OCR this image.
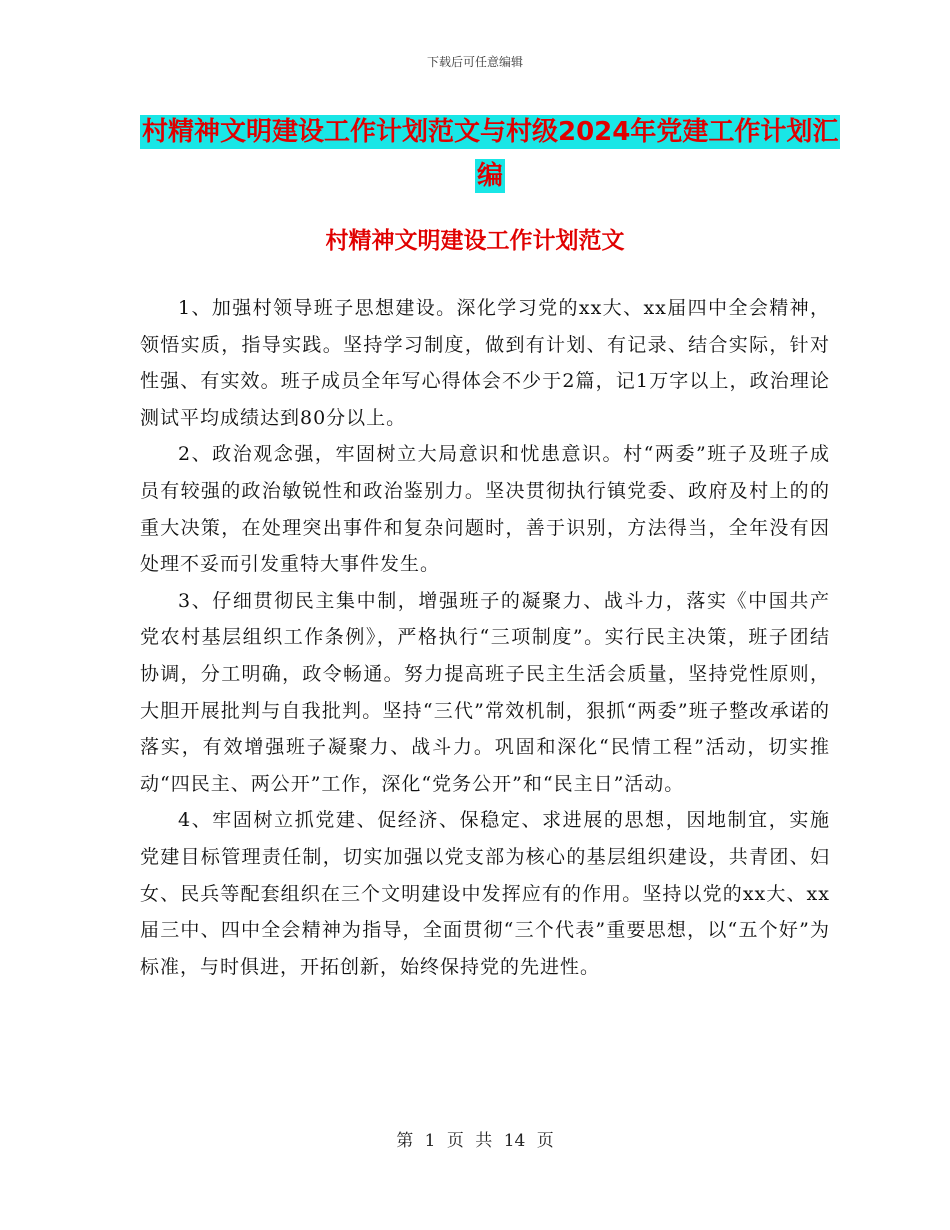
下载后可任意编辑
村精神文明建设工作计划范文与村级2024年党建工作计划汇编
村精神文明建设工作计划范文

1、加强村领导班子思想建设。深化学习党的xx大、xx届四中全会精神，领悟实质，指导实践。坚持学习制度，做到有计划、有记录、结合实际，针对性强、有实效。班子成员全年写心得体会不少于2篇，记1万字以上，政治理论测试平均成绩达到80分以上。

2、政治观念强，牢固树立大局意识和忧患意识。村“两委”班子及班子成员有较强的政治敏锐性和政治鉴别力。坚决贯彻执行镇党委、政府及村上的的重大决策，在处理突出事件和复杂问题时，善于识别，方法得当，全年没有因处理不妥而引发重特大事件发生。

3、仔细贯彻民主集中制，增强班子的凝聚力、战斗力，落实《中国共产党农村基层组织工作条例》，严格执行“三项制度”。实行民主决策，班子团结协调，分工明确，政令畅通。努力提高班子民主生活会质量，坚持党性原则，大胆开展批判与自我批判。坚持“三代”常效机制，狠抓“两委”班子整改承诺的落实，有效增强班子凝聚力、战斗力。巩固和深化“民情工程”活动，切实推动“四民主、两公开”工作，深化“党务公开”和“民主日”活动。

4、牢固树立抓党建、促经济、保稳定、求进展的思想，因地制宜，实施党建目标管理责任制，切实加强以党支部为核心的基层组织建设，共青团、妇女、民兵等配套组织在三个文明建设中发挥应有的作用。坚持以党的xx大、xx届三中、四中全会精神为指导，全面贯彻“三个代表”重要思想，以“五个好”为标准，与时俱进，开拓创新，始终保持党的先进性。

第 1 页 共 14 页
